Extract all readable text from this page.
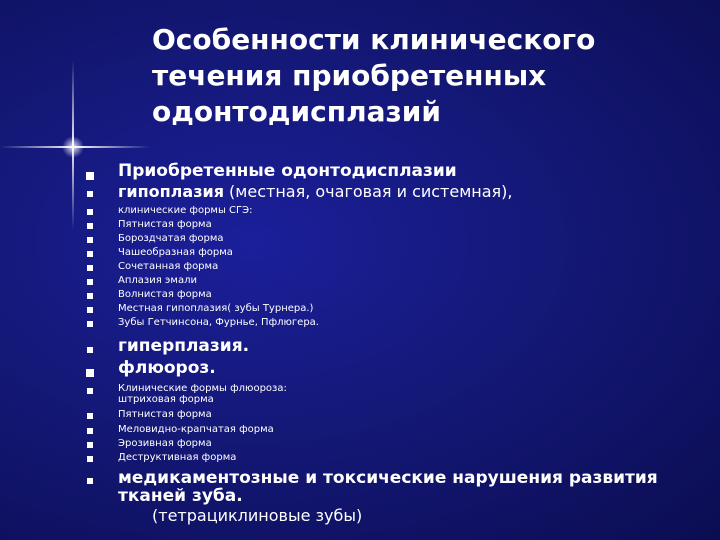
Особенности клинического
течения приобретенных
одонтодисплазий
Приобретенные одонтодисплазии
гипоплазия (местная, очаговая и системная),
клинические формы СГЭ:
Пятнистая форма
Бороздчатая форма
Чашеобразная форма
Сочетанная форма
Аплазия эмали
Волнистая форма
Местная гипоплазия( зубы Турнера.)
Зубы Гетчинсона, Фурнье, Пфлюгера.
гиперплазия.
флюороз.
Клинические формы флюороза:
штриховая форма
Пятнистая форма
Меловидно-крапчатая форма
Эрозивная форма
Деструктивная форма
медикаментозные и токсические нарушения развития
тканей зуба.
(тетрациклиновые зубы)
